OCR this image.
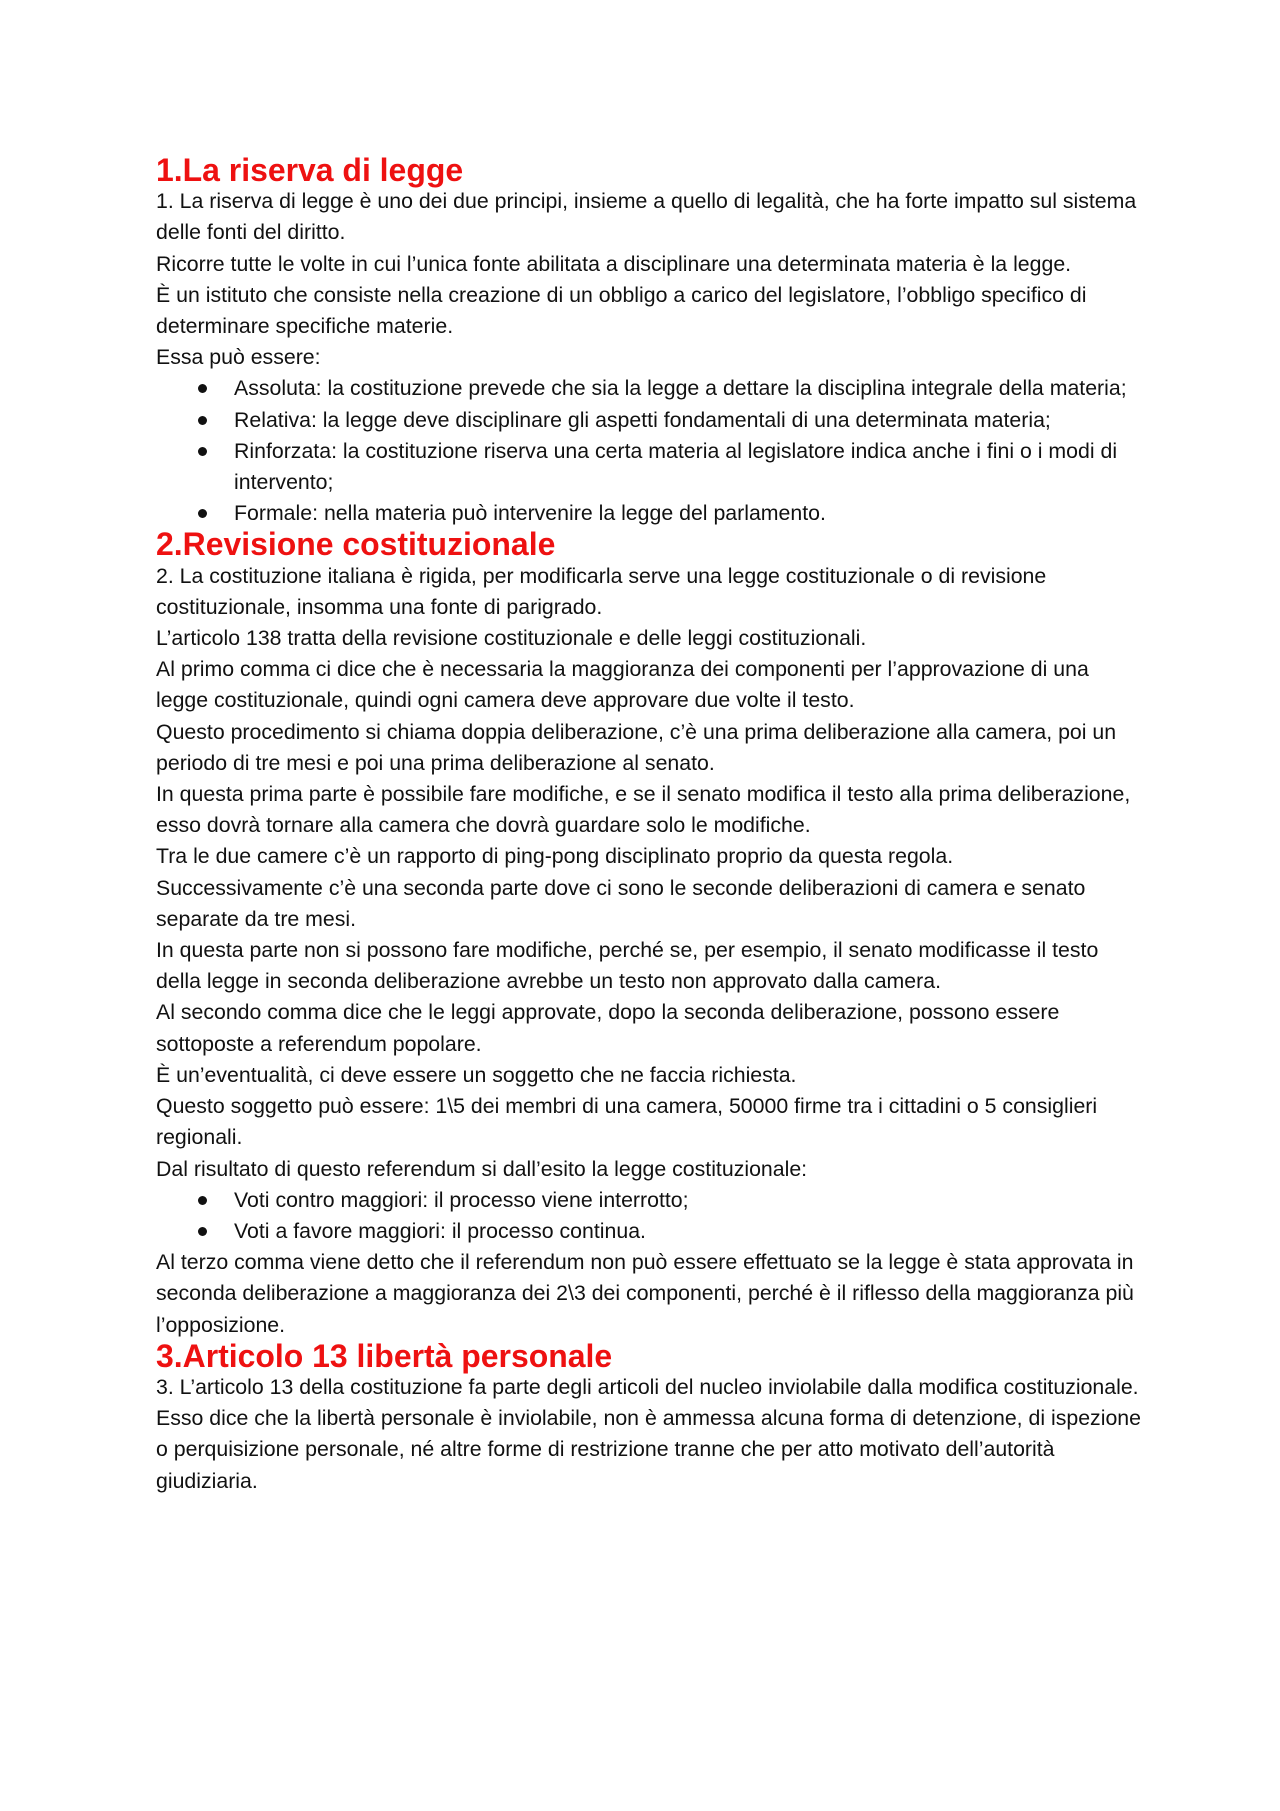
1.La riserva di legge

1. La riserva di legge è uno dei due principi, insieme a quello di legalità, che ha forte impatto sul sistema delle fonti del diritto.

Ricorre tutte le volte in cui l’unica fonte abilitata a disciplinare una determinata materia è la legge.

È un istituto che consiste nella creazione di un obbligo a carico del legislatore, l’obbligo specifico di determinare specifiche materie.

Essa può essere:

Assoluta: la costituzione prevede che sia la legge a dettare la disciplina integrale della materia;
Relativa: la legge deve disciplinare gli aspetti fondamentali di una determinata materia;
Rinforzata: la costituzione riserva una certa materia al legislatore indica anche i fini o i modi di intervento;
Formale: nella materia può intervenire la legge del parlamento.
2.Revisione costituzionale

2. La costituzione italiana è rigida, per modificarla serve una legge costituzionale o di revisione costituzionale, insomma una fonte di parigrado.

L’articolo 138 tratta della revisione costituzionale e delle leggi costituzionali.

Al primo comma ci dice che è necessaria la maggioranza dei componenti per l’approvazione di una legge costituzionale, quindi ogni camera deve approvare due volte il testo.

Questo procedimento si chiama doppia deliberazione, c’è una prima deliberazione alla camera, poi un periodo di tre mesi e poi una prima deliberazione al senato.

In questa prima parte è possibile fare modifiche, e se il senato modifica il testo alla prima deliberazione, esso dovrà tornare alla camera che dovrà guardare solo le modifiche.

Tra le due camere c’è un rapporto di ping-pong disciplinato proprio da questa regola.

Successivamente c’è una seconda parte dove ci sono le seconde deliberazioni di camera e senato separate da tre mesi.

In questa parte non si possono fare modifiche, perché se, per esempio, il senato modificasse il testo della legge in seconda deliberazione avrebbe un testo non approvato dalla camera.

Al secondo comma dice che le leggi approvate, dopo la seconda deliberazione, possono essere sottoposte a referendum popolare.

È un’eventualità, ci deve essere un soggetto che ne faccia richiesta.

Questo soggetto può essere: 1\5 dei membri di una camera, 50000 firme tra i cittadini o 5 consiglieri regionali.

Dal risultato di questo referendum si dall’esito la legge costituzionale:

Voti contro maggiori: il processo viene interrotto;
Voti a favore maggiori: il processo continua.

Al terzo comma viene detto che il referendum non può essere effettuato se la legge è stata approvata in seconda deliberazione a maggioranza dei 2\3 dei componenti, perché è il riflesso della maggioranza più l’opposizione.

3.Articolo 13 libertà personale

3. L’articolo 13 della costituzione fa parte degli articoli del nucleo inviolabile dalla modifica costituzionale. Esso dice che la libertà personale è inviolabile, non è ammessa alcuna forma di detenzione, di ispezione o perquisizione personale, né altre forme di restrizione tranne che per atto motivato dell’autorità giudiziaria.
